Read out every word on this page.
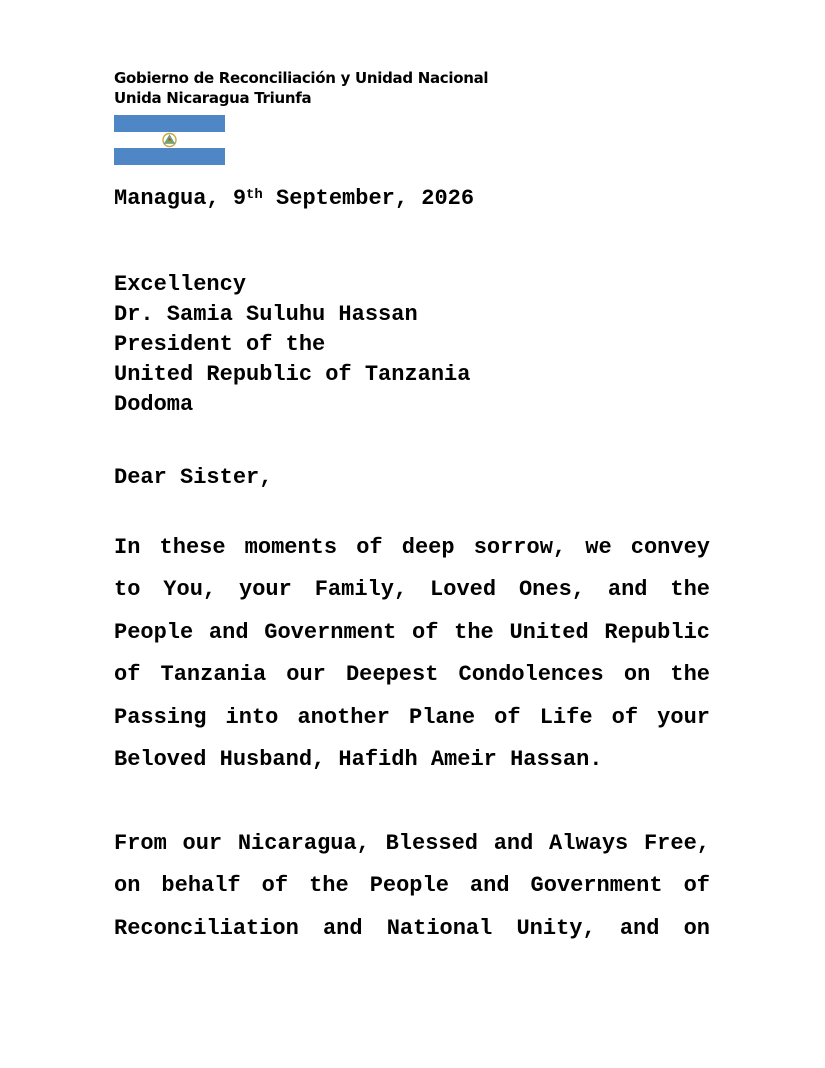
Gobierno de Reconciliación y Unidad Nacional
Unida Nicaragua Triunfa
Managua, 9th September, 2026
Excellency
Dr. Samia Suluhu Hassan
President of the
United Republic of Tanzania
Dodoma
Dear Sister,
In these moments of deep sorrow, we convey
to You, your Family, Loved Ones, and the
People and Government of the United Republic
of Tanzania our Deepest Condolences on the
Passing into another Plane of Life of your
Beloved Husband, Hafidh Ameir Hassan.
From our Nicaragua, Blessed and Always Free,
on behalf of the People and Government of
Reconciliation and National Unity, and on
